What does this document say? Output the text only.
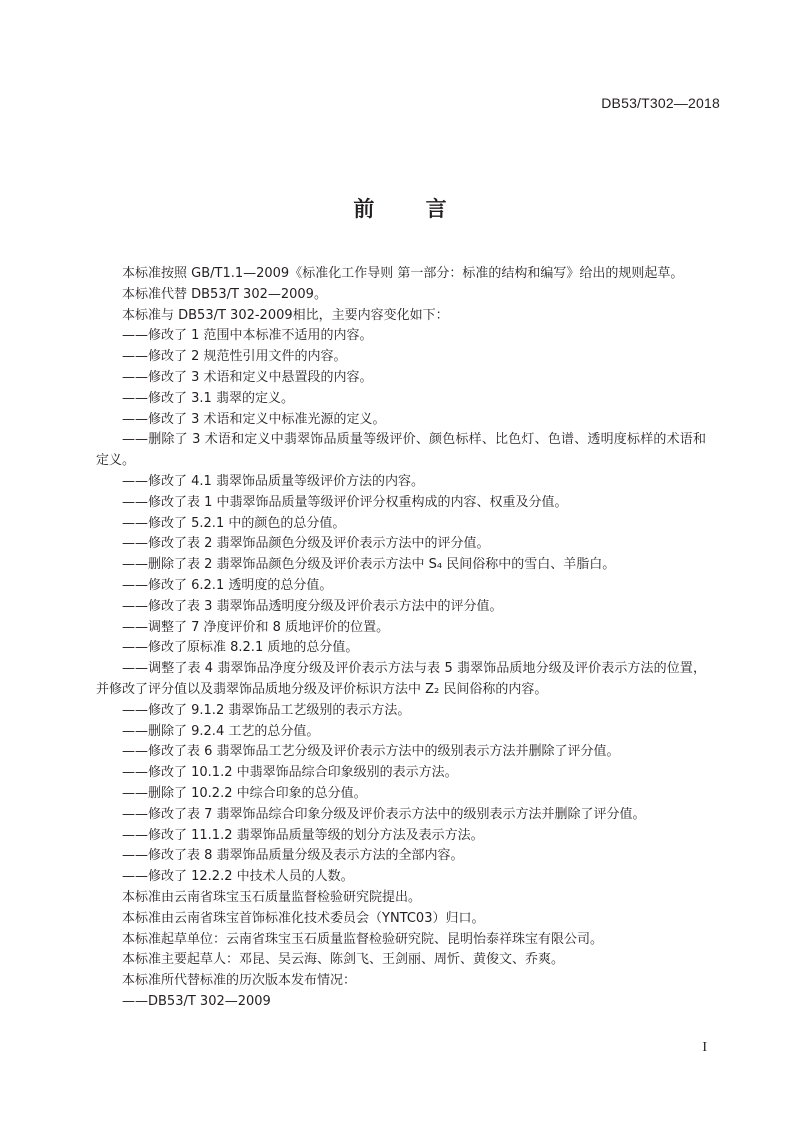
DB53/T302—2018
前 言

本标准按照 GB/T1.1—2009《标准化工作导则 第一部分：标准的结构和编写》给出的规则起草。

本标准代替 DB53/T 302—2009。

本标准与 DB53/T 302-2009相比，主要内容变化如下：

——修改了 1 范围中本标准不适用的内容。

——修改了 2 规范性引用文件的内容。

——修改了 3 术语和定义中悬置段的内容。

——修改了 3.1 翡翠的定义。

——修改了 3 术语和定义中标准光源的定义。

——删除了 3 术语和定义中翡翠饰品质量等级评价、颜色标样、比色灯、色谱、透明度标样的术语和定义。

——修改了 4.1 翡翠饰品质量等级评价方法的内容。

——修改了表 1 中翡翠饰品质量等级评价评分权重构成的内容、权重及分值。

——修改了 5.2.1 中的颜色的总分值。

——修改了表 2 翡翠饰品颜色分级及评价表示方法中的评分值。

——删除了表 2 翡翠饰品颜色分级及评价表示方法中 S₄ 民间俗称中的雪白、羊脂白。

——修改了 6.2.1 透明度的总分值。

——修改了表 3 翡翠饰品透明度分级及评价表示方法中的评分值。

——调整了 7 净度评价和 8 质地评价的位置。

——修改了原标准 8.2.1 质地的总分值。

——调整了表 4 翡翠饰品净度分级及评价表示方法与表 5 翡翠饰品质地分级及评价表示方法的位置，并修改了评分值以及翡翠饰品质地分级及评价标识方法中 Z₂ 民间俗称的内容。

——修改了 9.1.2 翡翠饰品工艺级别的表示方法。

——删除了 9.2.4 工艺的总分值。

——修改了表 6 翡翠饰品工艺分级及评价表示方法中的级别表示方法并删除了评分值。

——修改了 10.1.2 中翡翠饰品综合印象级别的表示方法。

——删除了 10.2.2 中综合印象的总分值。

——修改了表 7 翡翠饰品综合印象分级及评价表示方法中的级别表示方法并删除了评分值。

——修改了 11.1.2 翡翠饰品质量等级的划分方法及表示方法。

——修改了表 8 翡翠饰品质量分级及表示方法的全部内容。

——修改了 12.2.2 中技术人员的人数。

本标准由云南省珠宝玉石质量监督检验研究院提出。

本标准由云南省珠宝首饰标准化技术委员会（YNTC03）归口。

本标准起草单位：云南省珠宝玉石质量监督检验研究院、昆明怡泰祥珠宝有限公司。

本标准主要起草人：邓昆、吴云海、陈剑飞、王剑丽、周忻、黄俊文、乔爽。

本标准所代替标准的历次版本发布情况：

——DB53/T 302—2009

I
